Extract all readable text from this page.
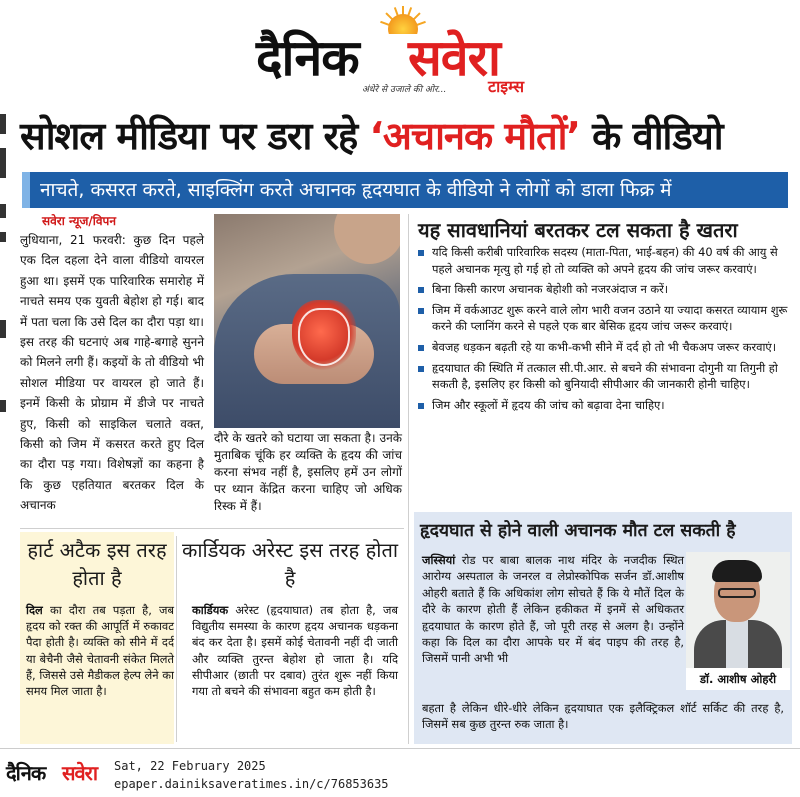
दैनिक सवेरा
अंधेरे से उजाले की ओर...	टाइम्स
सोशल मीडिया पर डरा रहे ‘अचानक मौतों’ के वीडियो
नाचते, कसरत करते, साइक्लिंग करते अचानक हृदयघात के वीडियो ने लोगों को डाला फिक्र में
सवेरा न्यूज/विपन
लुधियाना, 21 फरवरी: कुछ दिन पहले एक दिल दहला देने वाला वीडियो वायरल हुआ था। इसमें एक पारिवारिक समारोह में नाचते समय एक युवती बेहोश हो गई। बाद में पता चला कि उसे दिल का दौरा पड़ा था। इस तरह की घटनाएं अब गाहे-बगाहे सुनने को मिलने लगी हैं। कइयों के तो वीडियो भी सोशल मीडिया पर वायरल हो जाते हैं। इनमें किसी के प्रोग्राम में डीजे पर नाचते हुए, किसी को साइकिल चलाते वक्त, किसी को जिम में कसरत करते हुए दिल का दौरा पड़ गया। विशेषज्ञों का कहना है कि कुछ एहतियात बरतकर दिल के अचानक
दौरे के खतरे को घटाया जा सकता है। उनके मुताबिक चूंकि हर व्यक्ति के हृदय की जांच करना संभव नहीं है, इसलिए हमें उन लोगों पर ध्यान केंद्रित करना चाहिए जो अधिक रिस्क में हैं।
यह सावधानियां बरतकर टल सकता है खतरा
यदि किसी करीबी पारिवारिक सदस्य (माता-पिता, भाई-बहन) की 40 वर्ष की आयु से पहले अचानक मृत्यु हो गई हो तो व्यक्ति को अपने हृदय की जांच जरूर करवाएं।
बिना किसी कारण अचानक बेहोशी को नजरअंदाज न करें।
जिम में वर्कआउट शुरू करने वाले लोग भारी वजन उठाने या ज्यादा कसरत व्यायाम शुरू करने की प्लानिंग करने से पहले एक बार बेसिक हृदय जांच जरूर करवाएं।
बेवजह धड़कन बढ़ती रहे या कभी-कभी सीने में दर्द हो तो भी चैकअप जरूर करवाएं।
हृदयाघात की स्थिति में तत्काल सी.पी.आर. से बचने की संभावना दोगुनी या तिगुनी हो सकती है, इसलिए हर किसी को बुनियादी सीपीआर की जानकारी होनी चाहिए।
जिम और स्कूलों में हृदय की जांच को बढ़ावा देना चाहिए।
हार्ट अटैक इस तरह होता है
दिल का दौरा तब पड़ता है, जब हृदय को रक्त की आपूर्ति में रुकावट पैदा होती है। व्यक्ति को सीने में दर्द या बेचैनी जैसे चेतावनी संकेत मिलते हैं, जिससे उसे मैडीकल हेल्प लेने का समय मिल जाता है।
कार्डियक अरेस्ट इस तरह होता है
कार्डियक अरेस्ट (हृदयाघात) तब होता है, जब विद्युतीय समस्या के कारण हृदय अचानक धड़कना बंद कर देता है। इसमें कोई चेतावनी नहीं दी जाती और व्यक्ति तुरन्त बेहोश हो जाता है। यदि सीपीआर (छाती पर दबाव) तुरंत शुरू नहीं किया गया तो बचने की संभावना बहुत कम होती है।
हृदयघात से होने वाली अचानक मौत टल सकती है
जस्सियां रोड पर बाबा बालक नाथ मंदिर के नजदीक स्थित आरोग्य अस्पताल के जनरल व लेप्रोस्कोपिक सर्जन डॉ.आशीष ओहरी बताते हैं कि अधिकांश लोग सोचते हैं कि ये मौतें दिल के दौरे के कारण होती हैं लेकिन हकीकत में इनमें से अधिकतर हृदयाघात के कारण होते हैं, जो पूरी तरह से अलग है। उन्होंने कहा कि दिल का दौरा आपके घर में बंद पाइप की तरह है, जिसमें पानी अभी भी
बहता है लेकिन धीरे-धीरे लेकिन हृदयाघात एक इलैक्ट्रिकल शॉर्ट सर्किट की तरह है, जिसमें सब कुछ तुरन्त रुक जाता है।
डॉ. आशीष ओहरी
दैनिक सवेरा Sat, 22 February 2025
epaper.dainiksaveratimes.in/c/76853635
